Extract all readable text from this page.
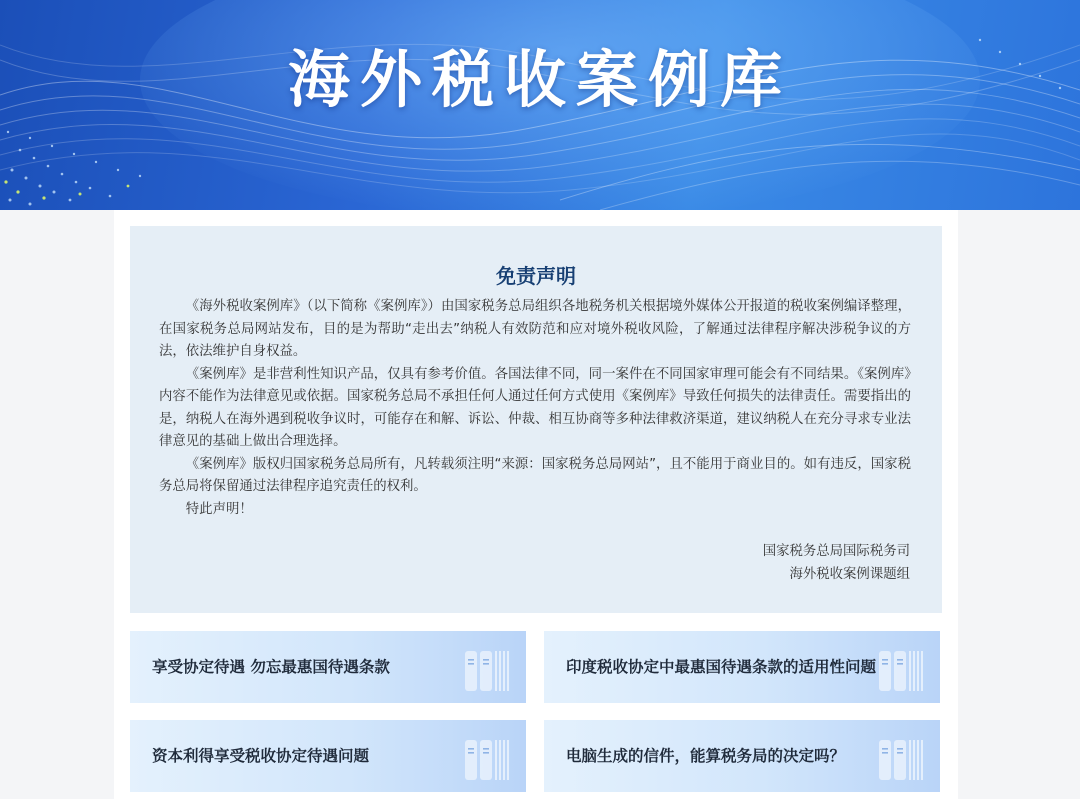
海外税收案例库
免责声明

《海外税收案例库》（以下简称《案例库》）由国家税务总局组织各地税务机关根据境外媒体公开报道的税收案例编译整理，在国家税务总局网站发布，目的是为帮助“走出去”纳税人有效防范和应对境外税收风险，了解通过法律程序解决涉税争议的方法，依法维护自身权益。

《案例库》是非营利性知识产品，仅具有参考价值。各国法律不同，同一案件在不同国家审理可能会有不同结果。《案例库》内容不能作为法律意见或依据。国家税务总局不承担任何人通过任何方式使用《案例库》导致任何损失的法律责任。需要指出的是，纳税人在海外遇到税收争议时，可能存在和解、诉讼、仲裁、相互协商等多种法律救济渠道，建议纳税人在充分寻求专业法律意见的基础上做出合理选择。

《案例库》版权归国家税务总局所有，凡转载须注明“来源：国家税务总局网站”，且不能用于商业目的。如有违反，国家税务总局将保留通过法律程序追究责任的权利。

特此声明！

国家税务总局国际税务司
海外税收案例课题组
享受协定待遇 勿忘最惠国待遇条款	印度税收协定中最惠国待遇条款的适用性问题
资本利得享受税收协定待遇问题	电脑生成的信件，能算税务局的决定吗？
